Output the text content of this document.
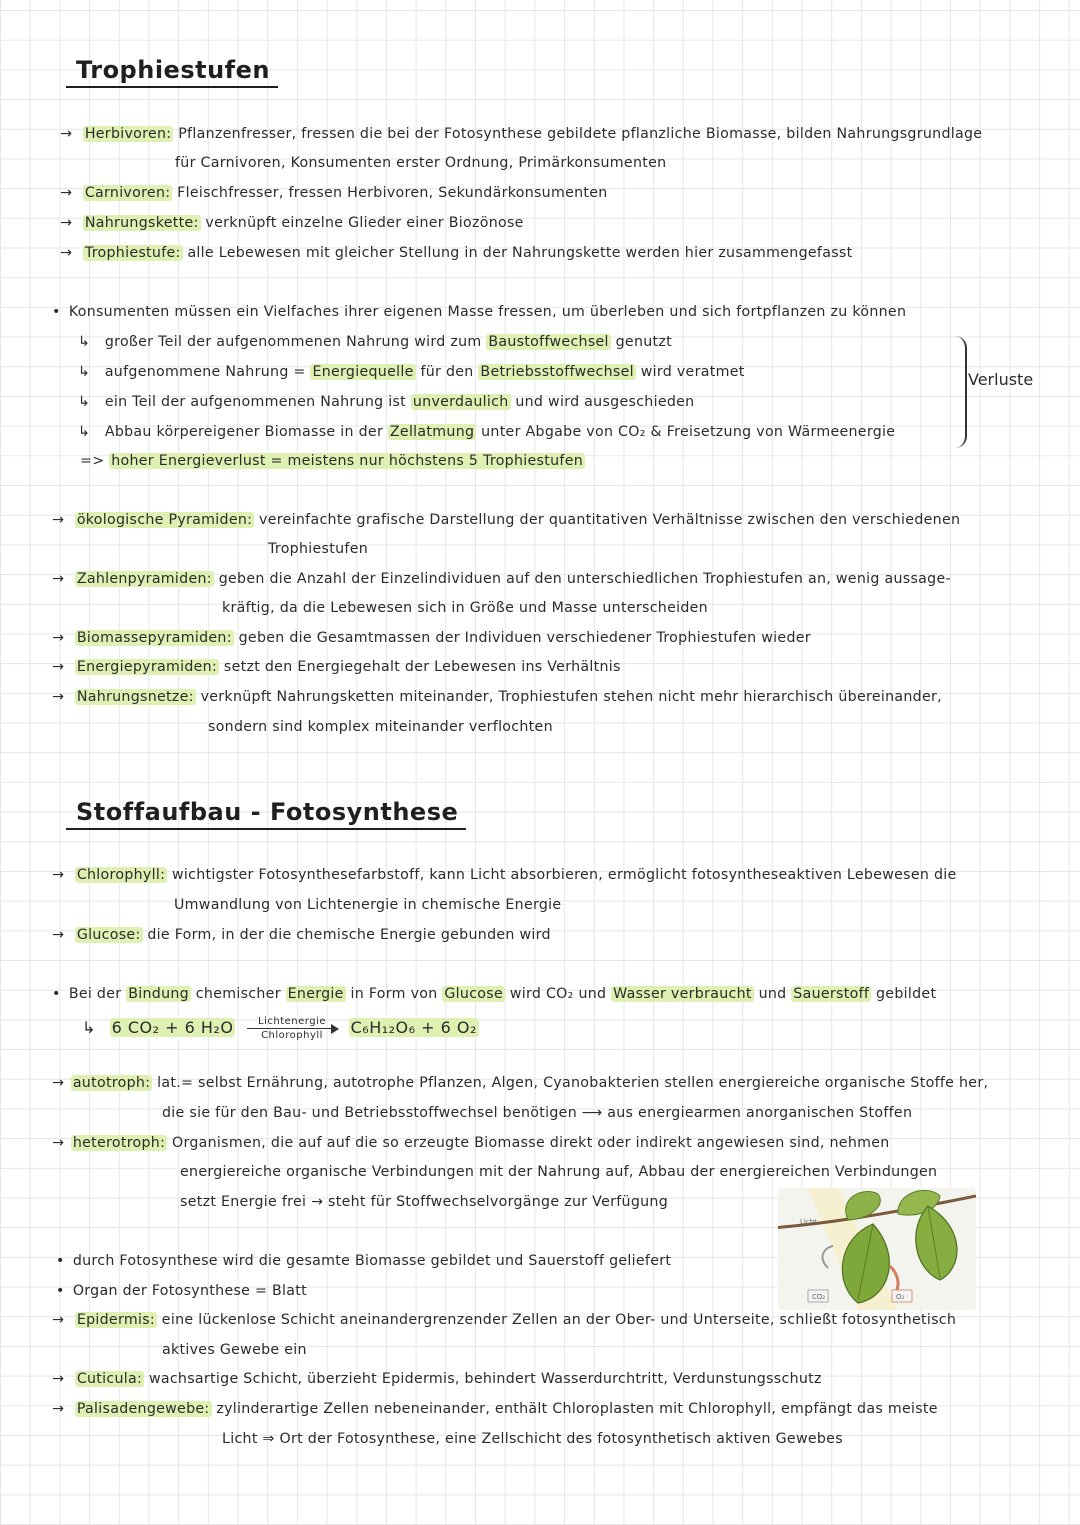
Trophiestufen
→ Herbivoren: Pflanzenfresser, fressen die bei der Fotosynthese gebildete pflanzliche Biomasse, bilden Nahrungsgrundlage
für Carnivoren, Konsumenten erster Ordnung, Primärkonsumenten
→ Carnivoren: Fleischfresser, fressen Herbivoren, Sekundärkonsumenten
→ Nahrungskette: verknüpft einzelne Glieder einer Biozönose
→ Trophiestufe: alle Lebewesen mit gleicher Stellung in der Nahrungskette werden hier zusammengefasst
• Konsumenten müssen ein Vielfaches ihrer eigenen Masse fressen, um überleben und sich fortpflanzen zu können
↳ großer Teil der aufgenommenen Nahrung wird zum Baustoffwechsel genutzt
↳ aufgenommene Nahrung = Energiequelle für den Betriebsstoffwechsel wird veratmet
↳ ein Teil der aufgenommenen Nahrung ist unverdaulich und wird ausgeschieden
↳ Abbau körpereigener Biomasse in der Zellatmung unter Abgabe von CO₂ & Freisetzung von Wärmeenergie
Verluste
=> hoher Energieverlust = meistens nur höchstens 5 Trophiestufen
→ ökologische Pyramiden: vereinfachte grafische Darstellung der quantitativen Verhältnisse zwischen den verschiedenen
Trophiestufen
→ Zahlenpyramiden: geben die Anzahl der Einzelindividuen auf den unterschiedlichen Trophiestufen an, wenig aussage-
kräftig, da die Lebewesen sich in Größe und Masse unterscheiden
→ Biomassepyramiden: geben die Gesamtmassen der Individuen verschiedener Trophiestufen wieder
→ Energiepyramiden: setzt den Energiegehalt der Lebewesen ins Verhältnis
→ Nahrungsnetze: verknüpft Nahrungsketten miteinander, Trophiestufen stehen nicht mehr hierarchisch übereinander,
sondern sind komplex miteinander verflochten
Stoffaufbau - Fotosynthese
→ Chlorophyll: wichtigster Fotosynthesefarbstoff, kann Licht absorbieren, ermöglicht fotosyntheseaktiven Lebewesen die
Umwandlung von Lichtenergie in chemische Energie
→ Glucose: die Form, in der die chemische Energie gebunden wird
• Bei der Bindung chemischer Energie in Form von Glucose wird CO₂ und Wasser verbraucht und Sauerstoff gebildet
↳ 6 CO₂ + 6 H₂O	Lichtenergie
Chlorophyll	C₆H₁₂O₆ + 6 O₂
→ autotroph: lat.= selbst Ernährung, autotrophe Pflanzen, Algen, Cyanobakterien stellen energiereiche organische Stoffe her,
die sie für den Bau- und Betriebsstoffwechsel benötigen ⟶ aus energiearmen anorganischen Stoffen
→ heterotroph: Organismen, die auf auf die so erzeugte Biomasse direkt oder indirekt angewiesen sind, nehmen
energiereiche organische Verbindungen mit der Nahrung auf, Abbau der energiereichen Verbindungen
setzt Energie frei → steht für Stoffwechselvorgänge zur Verfügung
Licht
CO₂	O₂
• durch Fotosynthese wird die gesamte Biomasse gebildet und Sauerstoff geliefert
• Organ der Fotosynthese = Blatt
→ Epidermis: eine lückenlose Schicht aneinandergrenzender Zellen an der Ober- und Unterseite, schließt fotosynthetisch
aktives Gewebe ein
→ Cuticula: wachsartige Schicht, überzieht Epidermis, behindert Wasserdurchtritt, Verdunstungsschutz
→ Palisadengewebe: zylinderartige Zellen nebeneinander, enthält Chloroplasten mit Chlorophyll, empfängt das meiste
Licht ⇒ Ort der Fotosynthese, eine Zellschicht des fotosynthetisch aktiven Gewebes
